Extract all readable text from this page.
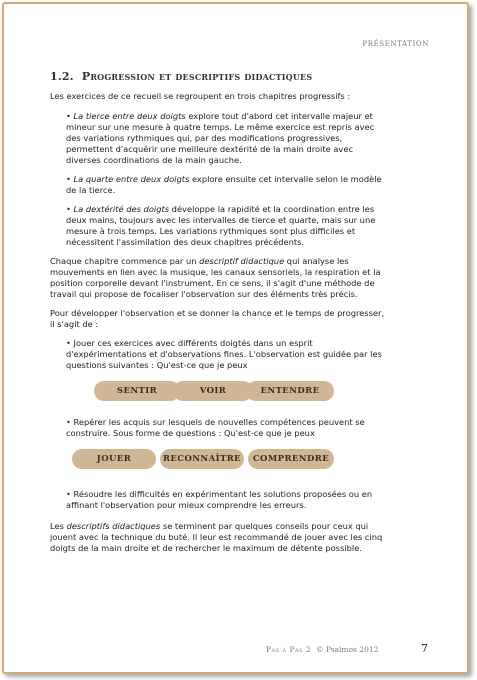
PRÉSENTATION
1.2. Progression et descriptifs didactiques

Les exercices de ce recueil se regroupent en trois chapitres progressifs :

• La tierce entre deux doigts explore tout d'abord cet intervalle majeur et mineur sur une mesure à quatre temps. Le même exercice est repris avec des variations rythmiques qui, par des modifications progressives, permettent d'acquérir une meilleure dextérité de la main droite avec diverses coordinations de la main gauche.

• La quarte entre deux doigts explore ensuite cet intervalle selon le modèle de la tierce.

• La dextérité des doigts développe la rapidité et la coordination entre les deux mains, toujours avec les intervalles de tierce et quarte, mais sur une mesure à trois temps. Les variations rythmiques sont plus difficiles et nécessitent l'assimilation des deux chapitres précédents.

Chaque chapitre commence par un descriptif didactique qui analyse les mouvements en lien avec la musique, les canaux sensoriels, la respiration et la position corporelle devant l'instrument. En ce sens, il s'agit d'une méthode de travail qui propose de focaliser l'observation sur des éléments très précis.

Pour développer l'observation et se donner la chance et le temps de progresser, il s'agit de :

• Jouer ces exercices avec différents doigtés dans un esprit d'expérimentations et d'observations fines. L'observation est guidée par les questions suivantes : Qu'est-ce que je peux

SENTIR	VOIR	ENTENDRE

• Repérer les acquis sur lesquels de nouvelles compétences peuvent se construire. Sous forme de questions : Qu'est-ce que je peux

JOUER	RECONNAÎTRE	COMPRENDRE

• Résoudre les difficultés en expérimentant les solutions proposées ou en affinant l'observation pour mieux comprendre les erreurs.

Les descriptifs didactiques se terminent par quelques conseils pour ceux qui jouent avec la technique du buté. Il leur est recommandé de jouer avec les cinq doigts de la main droite et de rechercher le maximum de détente possible.

Pas à Pas 2 © Psalmos 2012	7
